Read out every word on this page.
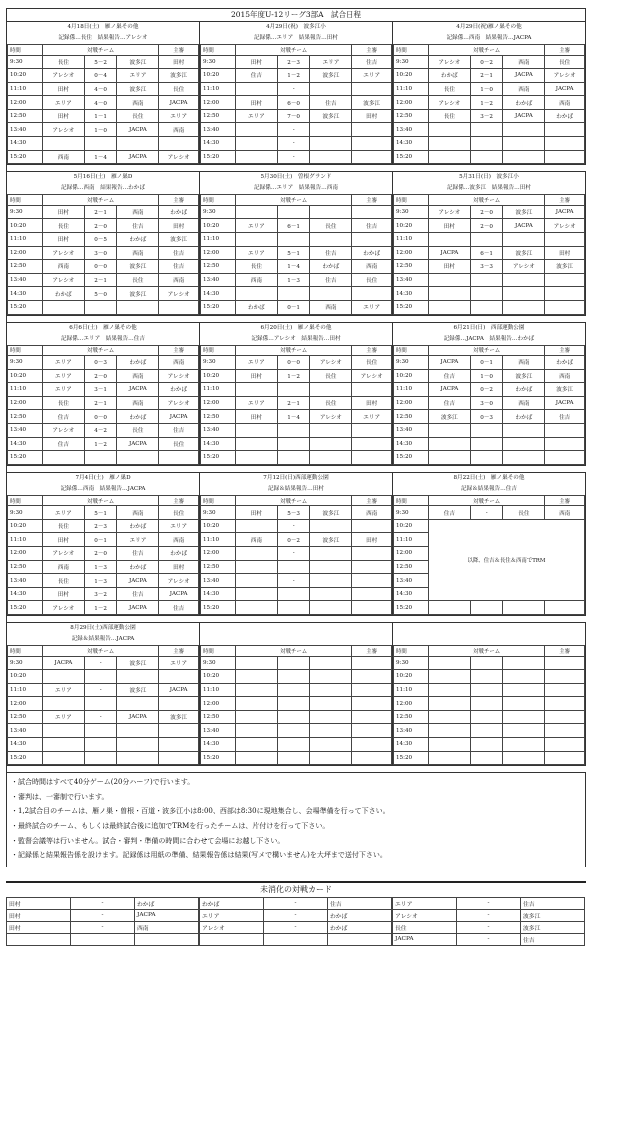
2015年度U-12リーグ3部A　試合日程
4月18日(土)　雁ノ巣その他
記録係…長住　結果報告…アレシオ
時間	対戦チーム			主審
9:30	長住	5－2	波多江	田村
10:20	アレシオ	0－4	エリア	波多江
11:10	田村	4－0	波多江	長住
12:00	エリア	4－0	西南	JACPA
12:50	田村	1－1	長住	エリア
13:40	アレシオ	1－0	JACPA	西南
14:30				
15:20	西南	1－4	JACPA	アレシオ
4月29日(祝)　波多江小
記録係…エリア　結果報告…田村
時間	対戦チーム			主審
9:30	田村	2－3	エリア	住吉
10:20	住吉	1－2	波多江	エリア
11:10		-		
12:00	田村	6－0	住吉	波多江
12:50	エリア	7－0	波多江	田村
13:40		-		
14:30		-		
15:20		-		
4月29日(祝)雁ノ巣その他
記録係…西南　結果報告…JACPA
時間	対戦チーム			主審
9:30	アレシオ	0－2	西南	長住
10:20	わかば	2－1	JACPA	アレシオ
11:10	長住	1－0	西南	JACPA
12:00	アレシオ	1－2	わかば	西南
12:50	長住	3－2	JACPA	わかば
13:40				
14:30				
15:20				
5月16日(土)　雁ノ巣D
記録係…西南　結果報告…わかば
時間	対戦チーム			主審
9:30	田村	2－1	西南	わかば
10:20	長住	2－0	住吉	田村
11:10	田村	0－5	わかば	波多江
12:00	アレシオ	3－0	西南	住吉
12:50	西南	0－0	波多江	住吉
13:40	アレシオ	2－1	長住	西南
14:30	わかば	5－0	波多江	アレシオ
15:20				
5月30日(土)　曽根グランド
記録係…エリア　結果報告…西南
時間	対戦チーム			主審
9:30				
10:20	エリア	6－1	長住	住吉
11:10				
12:00	エリア	5－1	住吉	わかば
12:50	長住	1－4	わかば	西南
13:40	西南	1－3	住吉	長住
14:30				
15:20	わかば	0－1	西南	エリア
5月31日(日)　波多江小
記録係…波多江　結果報告…田村
時間	対戦チーム			主審
9:30	アレシオ	2－0	波多江	JACPA
10:20	田村	2－0	JACPA	アレシオ
11:10				
12:00	JACPA	6－1	波多江	田村
12:50	田村	3－3	アレシオ	波多江
13:40				
14:30				
15:20				
6月6日(土)　雁ノ巣その他
記録係…エリア　結果報告…住吉
時間	対戦チーム			主審
9:30	エリア	0－3	わかば	西南
10:20	エリア	2－0	西南	アレシオ
11:10	エリア	3－1	JACPA	わかば
12:00	長住	2－1	西南	アレシオ
12:50	住吉	0－0	わかば	JACPA
13:40	アレシオ	4－2	長住	住吉
14:30	住吉	1－2	JACPA	長住
15:20				
6月20日(土)　雁ノ巣その他
記録係…アレシオ　結果報告…田村
時間	対戦チーム			主審
9:30	エリア	0－0	アレシオ	長住
10:20	田村	1－2	長住	アレシオ
11:10				
12:00	エリア	2－1	長住	田村
12:50	田村	1－4	アレシオ	エリア
13:40				
14:30				
15:20				
6月21日(日)　西部運動公園
記録係…JACPA　結果報告…わかば
時間	対戦チーム			主審
9:30	JACPA	0－1	西南	わかば
10:20	住吉	1－0	波多江	西南
11:10	JACPA	0－2	わかば	波多江
12:00	住吉	3－0	西南	JACPA
12:50	波多江	0－3	わかば	住吉
13:40				
14:30				
15:20				
7月4日(土)　雁ノ巣D
記録係…西南　結果報告…JACPA
時間	対戦チーム			主審
9:30	エリア	5－1	西南	長住
10:20	長住	2－3	わかば	エリア
11:10	田村	0－1	エリア	西南
12:00	アレシオ	2－0	住吉	わかば
12:50	西南	1－3	わかば	田村
13:40	長住	1－3	JACPA	アレシオ
14:30	田村	3－2	住吉	JACPA
15:20	アレシオ	1－2	JACPA	住吉
7月12日(日)西部運動公園
記録＆結果報告…田村
時間	対戦チーム			主審
9:30	田村	5－3	波多江	西南
10:20		-		
11:10	西南	0－2	波多江	田村
12:00		-		
12:50				
13:40		-		
14:30				
15:20				
8月22日(土)　雁ノ巣その他
記録＆結果報告…住吉
時間	対戦チーム			主審
9:30	住吉	-	長住	西南
10:20	以降、住吉＆長住＆西南でTRM			
11:10				
12:00				
12:50				
13:40				
14:30				
15:20				
8月29日(土)西部運動公園
記録＆結果報告…JACPA
時間	対戦チーム			主審
9:30	JACPA	-	波多江	エリア
10:20				
11:10	エリア	-	波多江	JACPA
12:00				
12:50	エリア	-	JACPA	波多江
13:40				
14:30				
15:20				
時間	対戦チーム			主審
9:30				
10:20				
11:10				
12:00				
12:50				
13:40				
14:30				
15:20				
時間	対戦チーム			主審
9:30				
10:20				
11:10				
12:00				
12:50				
13:40				
14:30				
15:20				
・試合時間はすべて40分ゲーム(20分ハーフ)で行います。
・審判は、一審制で行います。
・1,2試合目のチームは、雁ノ巣・曽根・百道・波多江小は8:00、西部は8:30に現地集合し、会場準備を行って下さい。
・最終試合のチーム、もしくは最終試合後に追加でTRMを行ったチームは、片付けを行って下さい。
・監督会議等は行いません。試合・審判・準備の時間に合わせて会場にお越し下さい。
・記録係と結果報告係を設けます。記録係は用紙の準備、結果報告係は結果(写メで構いません)を大坪まで送付下さい。
未消化の対戦カード
田村	-	わかば
田村	-	JACPA
田村	-	西南

わかば	-	住吉
エリア	-	わかば
アレシオ	-	わかば

エリア	-	住吉
アレシオ	-	波多江
長住	-	波多江
JACPA	-	住吉
